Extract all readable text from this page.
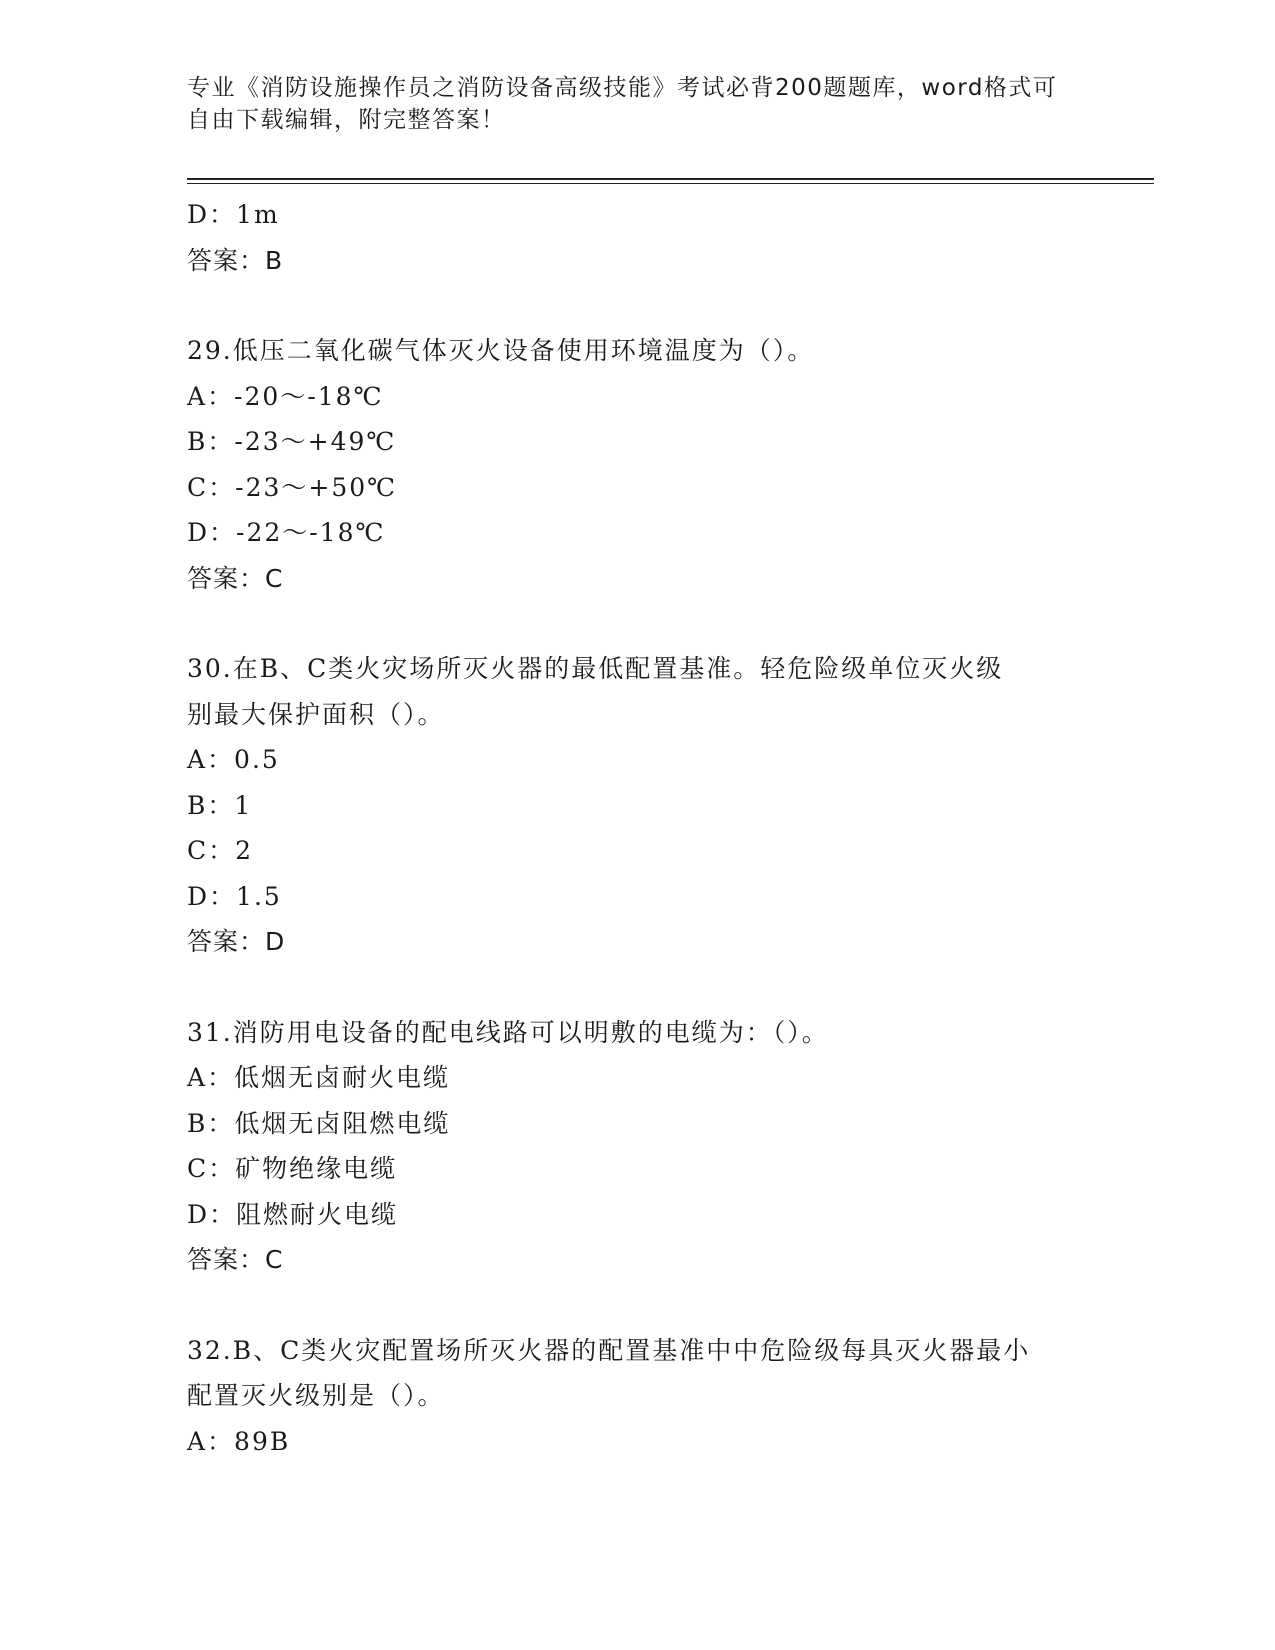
专业《消防设施操作员之消防设备高级技能》考试必背200题题库，word格式可
自由下载编辑，附完整答案！
D：1m
答案：B
29.低压二氧化碳气体灭火设备使用环境温度为（）。
A：-20～-18℃
B：-23～+49℃
C：-23～+50℃
D：-22～-18℃
答案：C
30.在B、C类火灾场所灭火器的最低配置基准。轻危险级单位灭火级
别最大保护面积（）。
A：0.5
B：1
C：2
D：1.5
答案：D
31.消防用电设备的配电线路可以明敷的电缆为：（）。
A：低烟无卤耐火电缆
B：低烟无卤阻燃电缆
C：矿物绝缘电缆
D：阻燃耐火电缆
答案：C
32.B、C类火灾配置场所灭火器的配置基准中中危险级每具灭火器最小
配置灭火级别是（）。
A：89B
